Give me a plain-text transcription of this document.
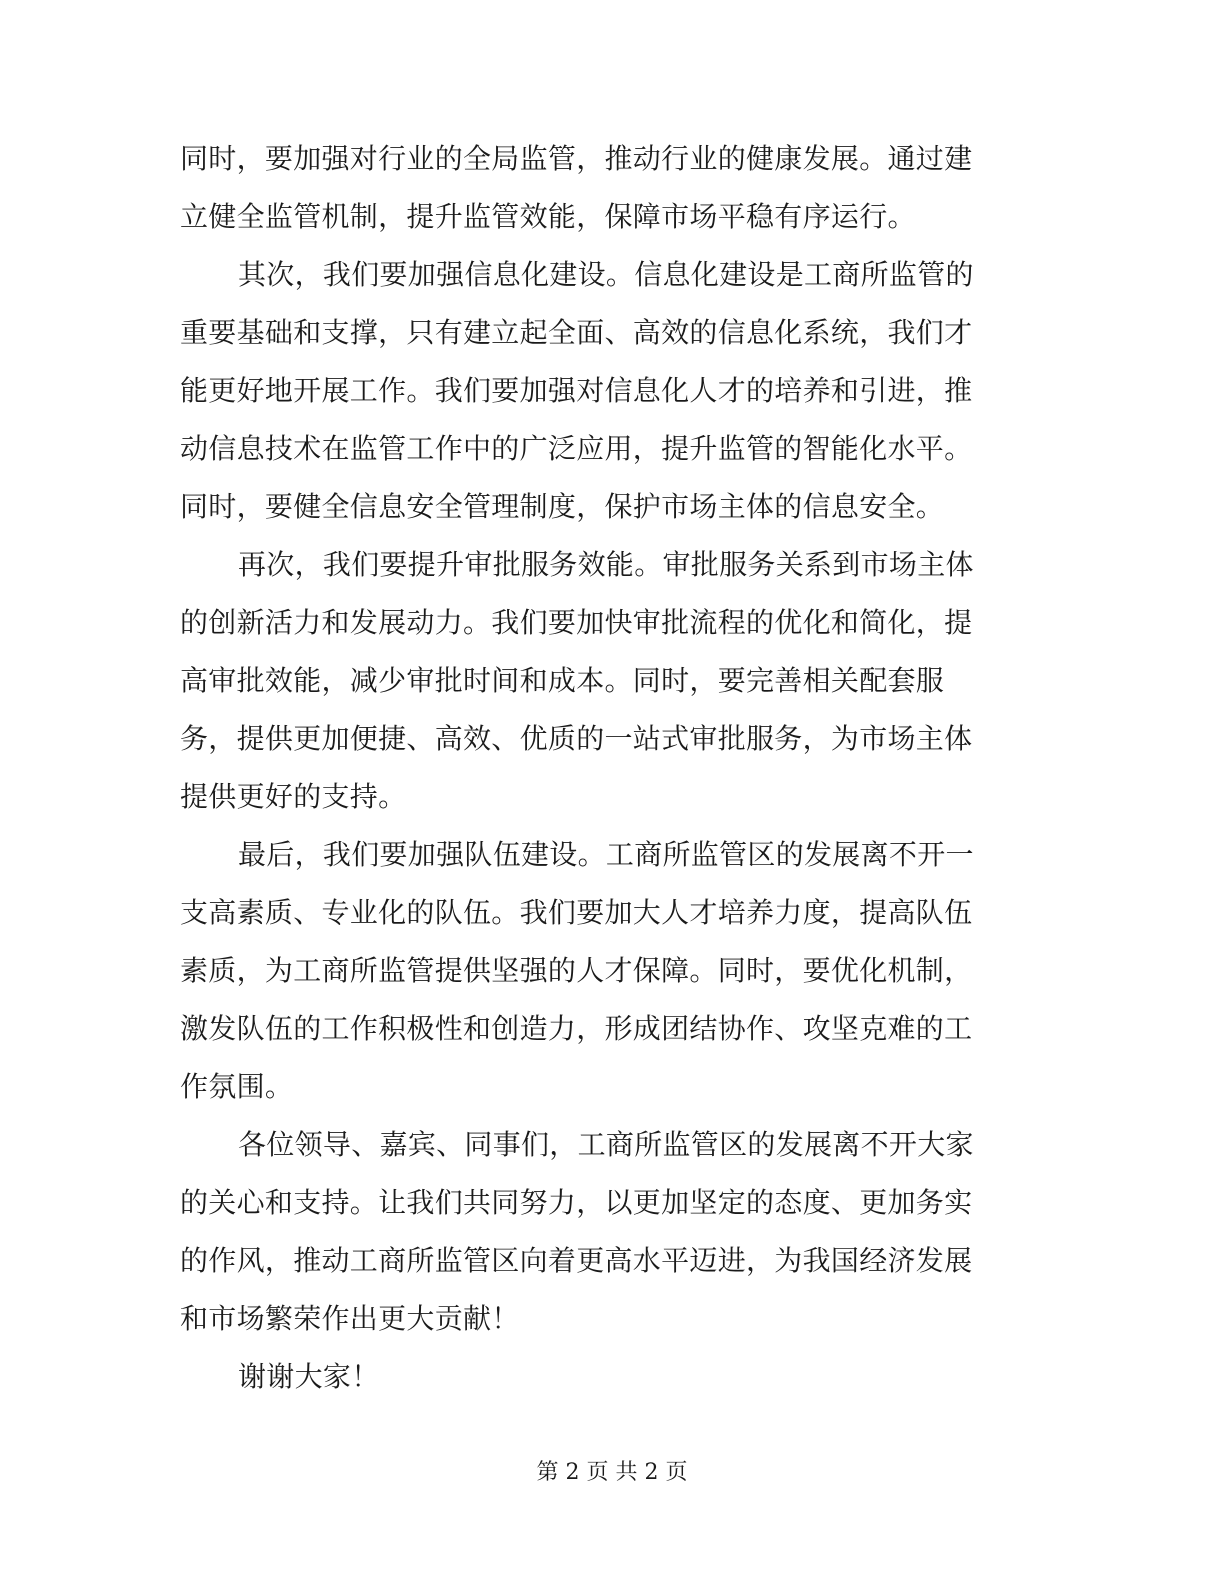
同时，要加强对行业的全局监管，推动行业的健康发展。通过建
立健全监管机制，提升监管效能，保障市场平稳有序运行。
其次，我们要加强信息化建设。信息化建设是工商所监管的
重要基础和支撑，只有建立起全面、高效的信息化系统，我们才
能更好地开展工作。我们要加强对信息化人才的培养和引进，推
动信息技术在监管工作中的广泛应用，提升监管的智能化水平。
同时，要健全信息安全管理制度，保护市场主体的信息安全。
再次，我们要提升审批服务效能。审批服务关系到市场主体
的创新活力和发展动力。我们要加快审批流程的优化和简化，提
高审批效能，减少审批时间和成本。同时，要完善相关配套服
务，提供更加便捷、高效、优质的一站式审批服务，为市场主体
提供更好的支持。
最后，我们要加强队伍建设。工商所监管区的发展离不开一
支高素质、专业化的队伍。我们要加大人才培养力度，提高队伍
素质，为工商所监管提供坚强的人才保障。同时，要优化机制，
激发队伍的工作积极性和创造力，形成团结协作、攻坚克难的工
作氛围。
各位领导、嘉宾、同事们，工商所监管区的发展离不开大家
的关心和支持。让我们共同努力，以更加坚定的态度、更加务实
的作风，推动工商所监管区向着更高水平迈进，为我国经济发展
和市场繁荣作出更大贡献！
谢谢大家！
第 2 页 共 2 页
